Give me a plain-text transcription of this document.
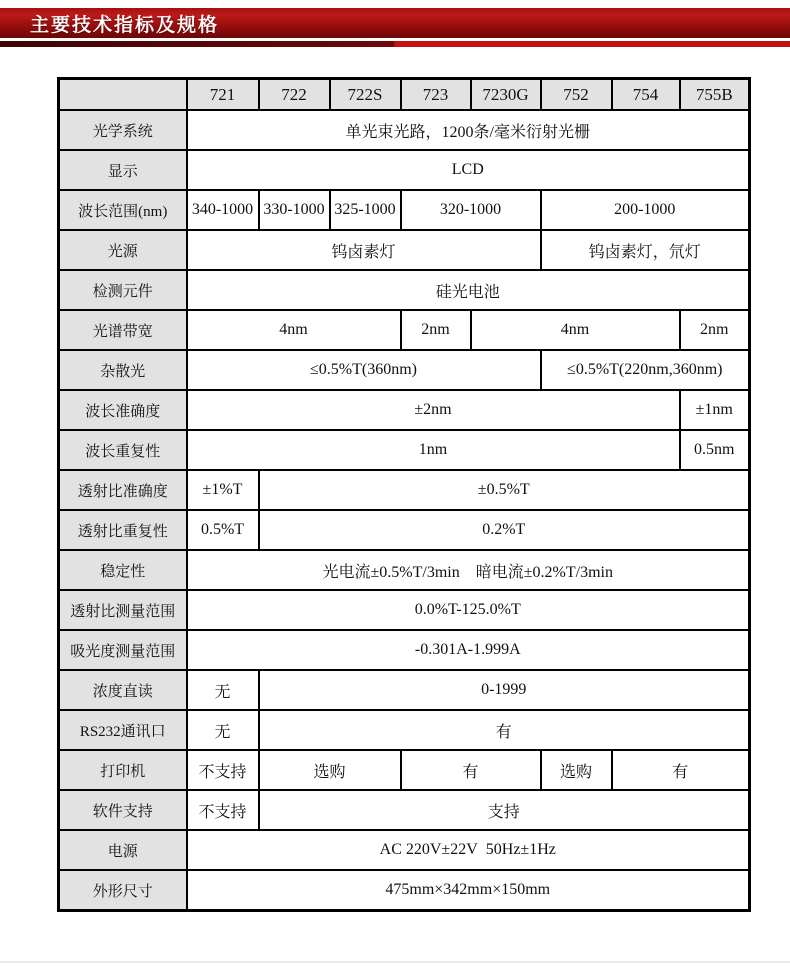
主要技术指标及规格
	721	722	722S	723	7230G	752	754	755B
光学系统	单光束光路，1200条/毫米衍射光栅							
显示	LCD							
波长范围(nm)	340-1000	330-1000	325-1000	320-1000		200-1000		
光源	钨卤素灯					钨卤素灯，氘灯		
检测元件	硅光电池							
光谱带宽	4nm			2nm	4nm			2nm
杂散光	≤0.5%T(360nm)					≤0.5%T(220nm,360nm)		
波长准确度	±2nm							±1nm
波长重复性	1nm							0.5nm
透射比准确度	±1%T	±0.5%T						
透射比重复性	0.5%T	0.2%T						
稳定性	光电流±0.5%T/3min　暗电流±0.2%T/3min							
透射比测量范围	0.0%T-125.0%T							
吸光度测量范围	-0.301A-1.999A							
浓度直读	无	0-1999						
RS232通讯口	无	有						
打印机	不支持	选购		有		选购	有	
软件支持	不支持	支持						
电源	AC 220V±22V  50Hz±1Hz							
外形尺寸	475mm×342mm×150mm							
